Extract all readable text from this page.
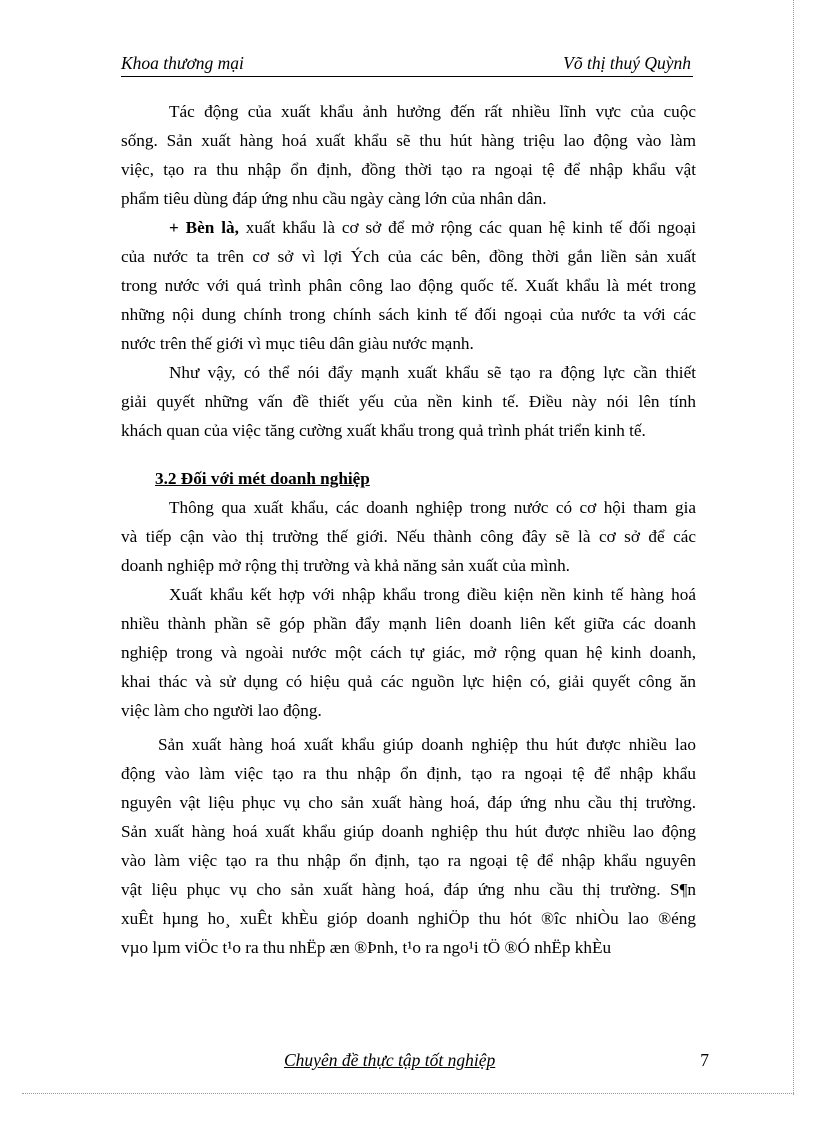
Khoa thương mại	Võ thị thuý Quỳnh
Tác động của xuất khẩu ảnh hưởng đến rất nhiều lĩnh vực của cuộc
sống. Sản xuất hàng hoá xuất khẩu sẽ thu hút hàng triệu lao động vào làm
việc, tạo ra thu nhập ổn định, đồng thời tạo ra ngoại tệ để nhập khẩu vật
phẩm tiêu dùng đáp ứng nhu cầu ngày càng lớn của nhân dân.
+ Bèn là, xuất khẩu là cơ sở để mở rộng các quan hệ kinh tế đối ngoại
của nước ta trên cơ sở vì lợi Ých của các bên, đồng thời gắn liền sản xuất
trong nước với quá trình phân công lao động quốc tế. Xuất khẩu là mét trong
những nội dung chính trong chính sách kinh tế đối ngoại của nước ta với các
nước trên thế giới vì mục tiêu dân giàu nước mạnh.
Như vậy, có thể nói đẩy mạnh xuất khẩu sẽ tạo ra động lực cần thiết
giải quyết những vấn đề thiết yếu của nền kinh tế. Điều này nói lên tính
khách quan của việc tăng cường xuất khẩu trong quả trình phát triển kinh tế.
3.2 Đối với mét doanh nghiệp
Thông qua xuất khẩu, các doanh nghiệp trong nước có cơ hội tham gia
và tiếp cận vào thị trường thế giới. Nếu thành công đây sẽ là cơ sở để các
doanh nghiệp mở rộng thị trường và khả năng sản xuất của mình.
Xuất khẩu kết hợp với nhập khẩu trong điều kiện nền kinh tế hàng hoá
nhiều thành phần sẽ góp phần đẩy mạnh liên doanh liên kết giữa các doanh
nghiệp trong và ngoài nước một cách tự giác, mở rộng quan hệ kinh doanh,
khai thác và sử dụng có hiệu quả các nguồn lực hiện có, giải quyết công ăn
việc làm cho người lao động.
Sản xuất hàng hoá xuất khẩu giúp doanh nghiệp thu hút được nhiều lao
động vào làm việc tạo ra thu nhập ổn định, tạo ra ngoại tệ để nhập khẩu
nguyên vật liệu phục vụ cho sản xuất hàng hoá, đáp ứng nhu cầu thị trường.
Sản xuất hàng hoá xuất khẩu giúp doanh nghiệp thu hút được nhiều lao động
vào làm việc tạo ra thu nhập ổn định, tạo ra ngoại tệ để nhập khẩu nguyên
vật liệu phục vụ cho sản xuất hàng hoá, đáp ứng nhu cầu thị trường. S¶n
xuÊt hµng ho¸ xuÊt khÈu gióp doanh nghiÖp thu hót ®îc nhiÒu lao ®éng
vµo lµm viÖc t¹o ra thu nhËp æn ®Þnh, t¹o ra ngo¹i tÖ ®Ó nhËp khÈu
Chuyên đề thực tập tốt nghiệp	7
